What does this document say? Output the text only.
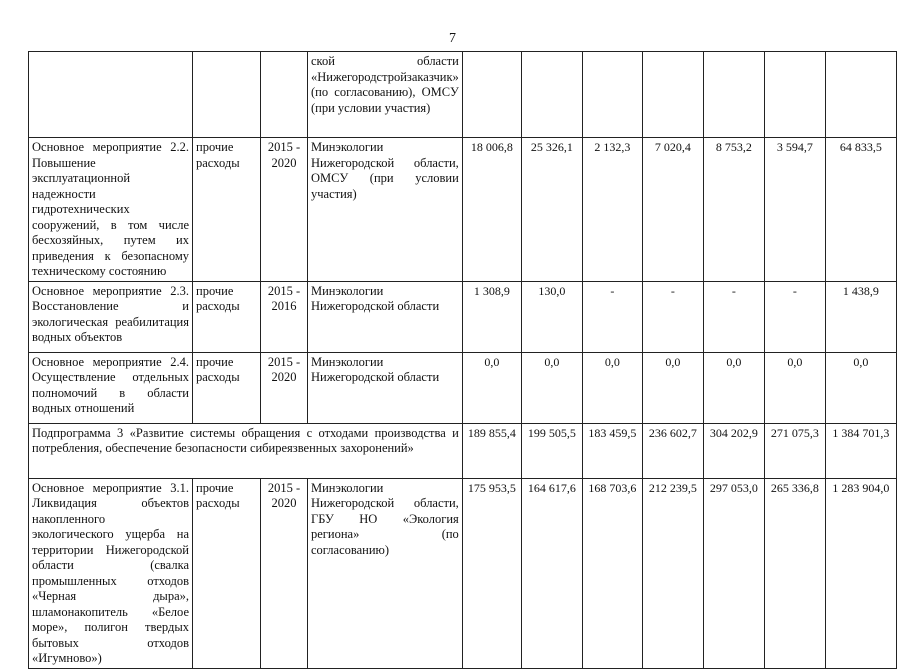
7
			ской области «Нижегородстройзаказчик» (по согласованию), ОМСУ (при условии участия)							
Основное мероприятие 2.2. Повышение эксплуатационной надежности гидротехнических сооружений, в том числе бесхозяйных, путем их приведения к безопасному техническому состоянию	прочие расходы	2015 - 2020	Минэкологии Нижегородской области, ОМСУ (при условии участия)	18 006,8	25 326,1	2 132,3	7 020,4	8 753,2	3 594,7	64 833,5
Основное мероприятие 2.3. Восстановление и экологическая реабилитация водных объектов	прочие расходы	2015 - 2016	Минэкологии Нижегородской области	1 308,9	130,0	-	-	-	-	1 438,9
Основное мероприятие 2.4. Осуществление отдельных полномочий в области водных отношений	прочие расходы	2015 - 2020	Минэкологии Нижегородской области	0,0	0,0	0,0	0,0	0,0	0,0	0,0
Подпрограмма 3 «Развитие системы обращения с отходами производства и потребления, обеспечение безопасности сибиреязвенных захоронений»				189 855,4	199 505,5	183 459,5	236 602,7	304 202,9	271 075,3	1 384 701,3
Основное мероприятие 3.1. Ликвидация объектов накопленного экологического ущерба на территории Нижегородской области (свалка промышленных отходов «Черная дыра», шламонакопитель «Белое море», полигон твердых бытовых отходов «Игумново»)	прочие расходы	2015 - 2020	Минэкологии Нижегородской области, ГБУ НО «Экология региона» (по согласованию)	175 953,5	164 617,6	168 703,6	212 239,5	297 053,0	265 336,8	1 283 904,0
